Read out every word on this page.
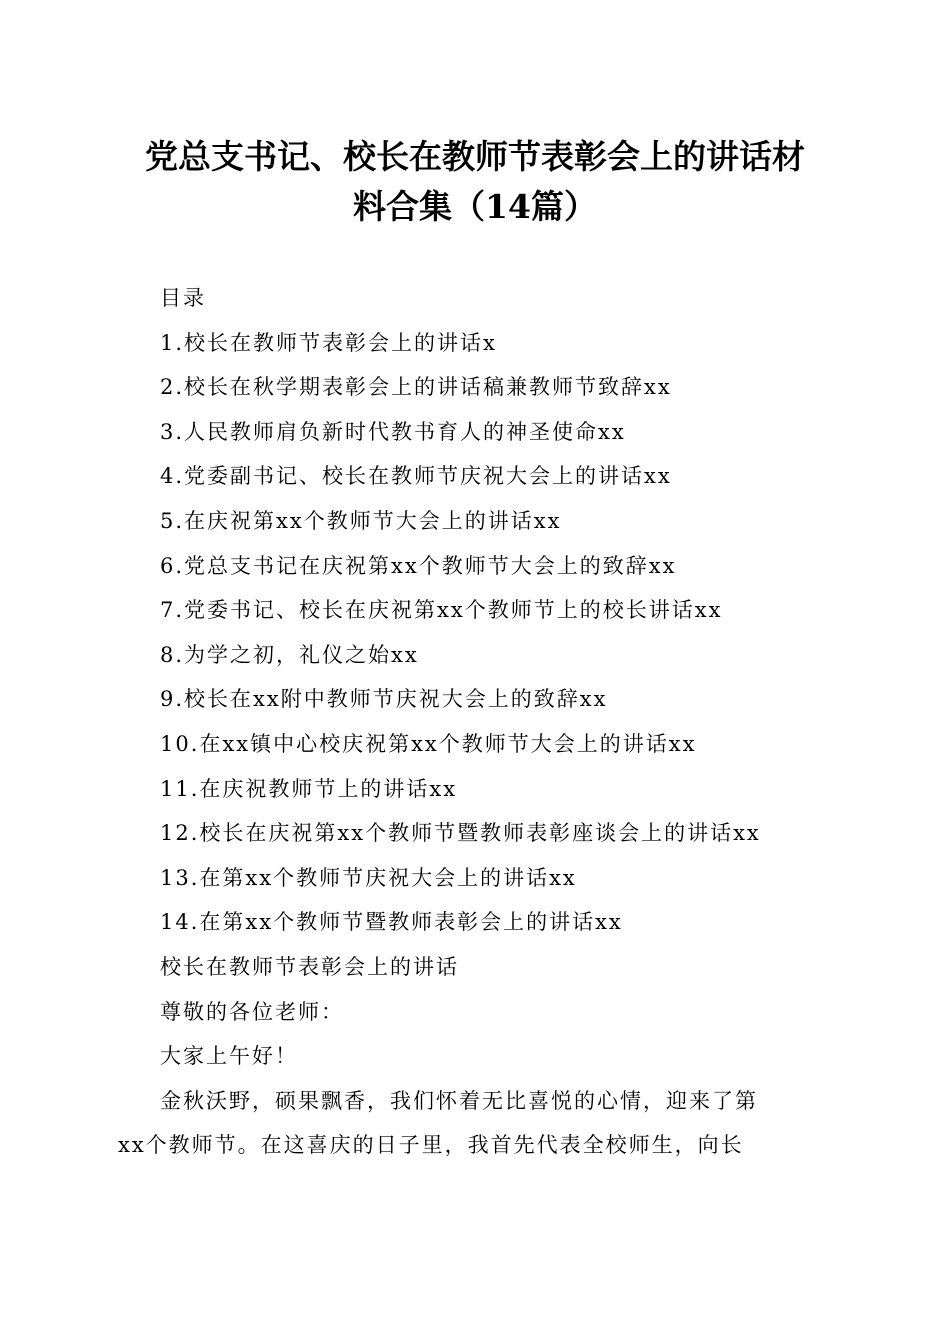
党总支书记、校长在教师节表彰会上的讲话材
料合集（14篇）
目录
1.校长在教师节表彰会上的讲话x
2.校长在秋学期表彰会上的讲话稿兼教师节致辞xx
3.人民教师肩负新时代教书育人的神圣使命xx
4.党委副书记、校长在教师节庆祝大会上的讲话xx
5.在庆祝第xx个教师节大会上的讲话xx
6.党总支书记在庆祝第xx个教师节大会上的致辞xx
7.党委书记、校长在庆祝第xx个教师节上的校长讲话xx
8.为学之初，礼仪之始xx
9.校长在xx附中教师节庆祝大会上的致辞xx
10.在xx镇中心校庆祝第xx个教师节大会上的讲话xx
11.在庆祝教师节上的讲话xx
12.校长在庆祝第xx个教师节暨教师表彰座谈会上的讲话xx
13.在第xx个教师节庆祝大会上的讲话xx
14.在第xx个教师节暨教师表彰会上的讲话xx
校长在教师节表彰会上的讲话
尊敬的各位老师：
大家上午好！
金秋沃野，硕果飘香，我们怀着无比喜悦的心情，迎来了第
xx个教师节。在这喜庆的日子里，我首先代表全校师生，向长
